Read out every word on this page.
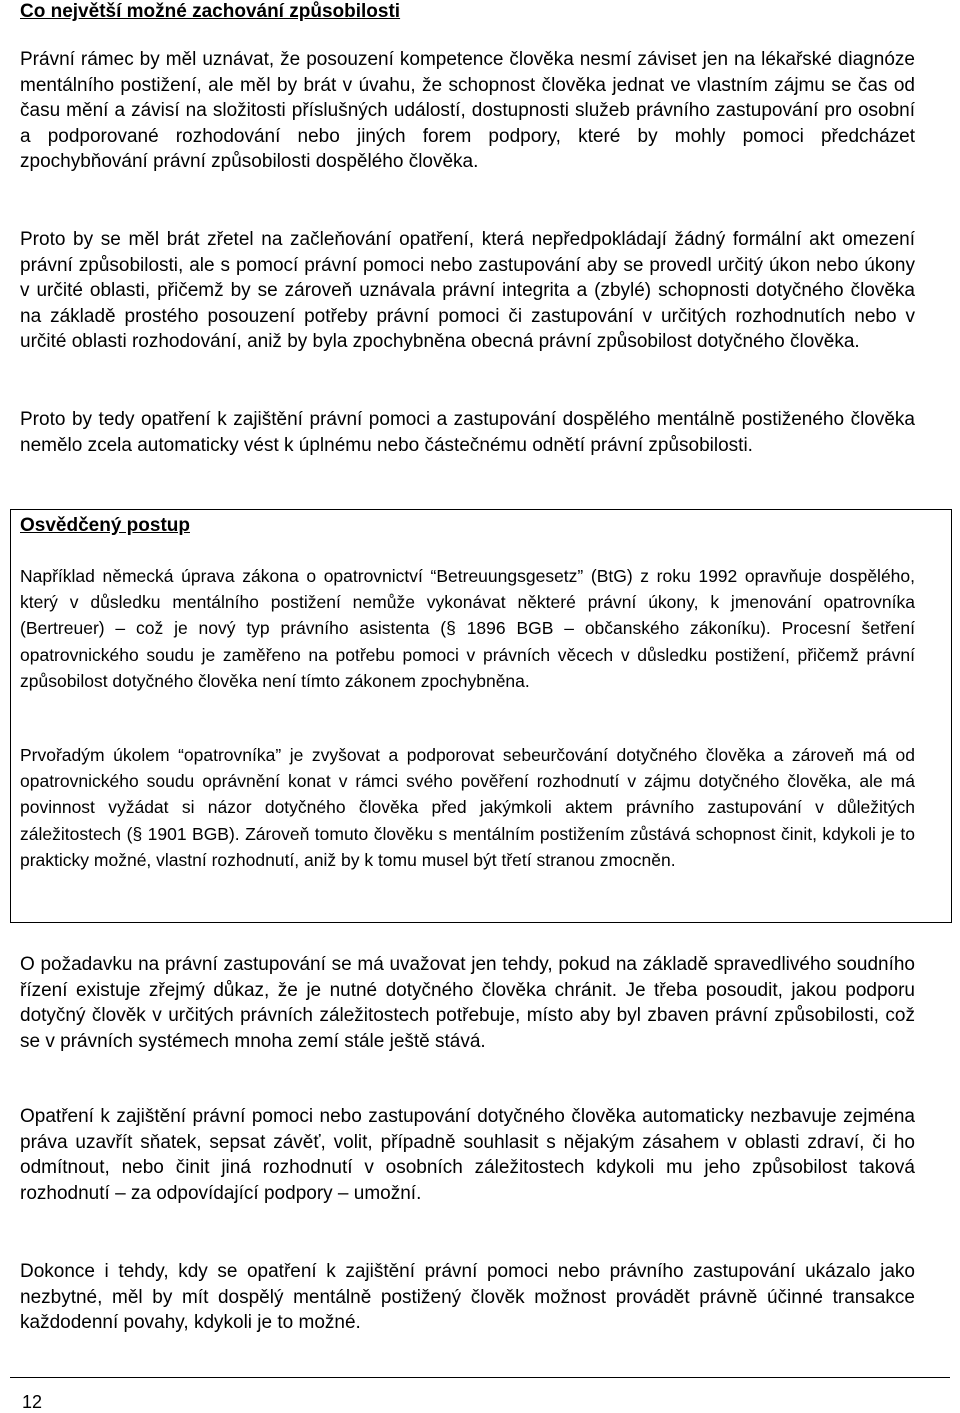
Co největší možné zachování způsobilosti

Právní rámec by měl uznávat, že posouzení kompetence člověka nesmí záviset jen na lékařské diagnóze mentálního postižení, ale měl by brát v úvahu, že schopnost člověka jednat ve vlastním zájmu se čas od času mění a závisí na složitosti příslušných událostí, dostupnosti služeb právního zastupování pro osobní a podporované rozhodování nebo jiných forem podpory, které by mohly pomoci předcházet zpochybňování právní způsobilosti dospělého člověka.

Proto by se měl brát zřetel na začleňování opatření, která nepředpokládají žádný formální akt omezení právní způsobilosti, ale s pomocí právní pomoci nebo zastupování aby se provedl určitý úkon nebo úkony v určité oblasti, přičemž by se zároveň uznávala právní integrita a (zbylé) schopnosti dotyčného člověka na základě prostého posouzení potřeby právní pomoci či zastupování v určitých rozhodnutích nebo v určité oblasti rozhodování, aniž by byla zpochybněna obecná právní způsobilost dotyčného člověka.

Proto by tedy opatření k zajištění právní pomoci a zastupování dospělého mentálně postiženého člověka nemělo zcela automaticky vést k úplnému nebo částečnému odnětí právní způsobilosti.

Osvědčený postup

Například německá úprava zákona o opatrovnictví “Betreuungsgesetz” (BtG) z roku 1992 opravňuje dospělého, který v důsledku mentálního postižení nemůže vykonávat některé právní úkony, k jmenování opatrovníka (Bertreuer) – což je nový typ právního asistenta (§ 1896 BGB – občanského zákoníku). Procesní šetření opatrovnického soudu je zaměřeno na potřebu pomoci v právních věcech v důsledku postižení, přičemž právní způsobilost dotyčného člověka není tímto zákonem zpochybněna.

Prvořadým úkolem “opatrovníka” je zvyšovat a podporovat sebeurčování dotyčného člověka a zároveň má od opatrovnického soudu oprávnění konat v rámci svého pověření rozhodnutí v zájmu dotyčného člověka, ale má povinnost vyžádat si názor dotyčného člověka před jakýmkoli aktem právního zastupování v důležitých záležitostech (§ 1901 BGB). Zároveň tomuto člověku s mentálním postižením zůstává schopnost činit, kdykoli je to prakticky možné, vlastní rozhodnutí, aniž by k tomu musel být třetí stranou zmocněn.

O požadavku na právní zastupování se má uvažovat jen tehdy, pokud na základě spravedlivého soudního řízení existuje zřejmý důkaz, že je nutné dotyčného člověka chránit. Je třeba posoudit, jakou podporu dotyčný člověk v určitých právních záležitostech potřebuje, místo aby byl zbaven právní způsobilosti, což se v právních systémech mnoha zemí stále ještě stává.

Opatření k zajištění právní pomoci nebo zastupování dotyčného člověka automaticky nezbavuje zejména práva uzavřít sňatek, sepsat závěť, volit, případně souhlasit s nějakým zásahem v oblasti zdraví, či ho odmítnout, nebo činit jiná rozhodnutí v osobních záležitostech kdykoli mu jeho způsobilost taková rozhodnutí – za odpovídající podpory – umožní.

Dokonce i tehdy, kdy se opatření k zajištění právní pomoci nebo právního zastupování ukázalo jako nezbytné, měl by mít dospělý mentálně postižený člověk možnost provádět právně účinné transakce každodenní povahy, kdykoli je to možné.

12
